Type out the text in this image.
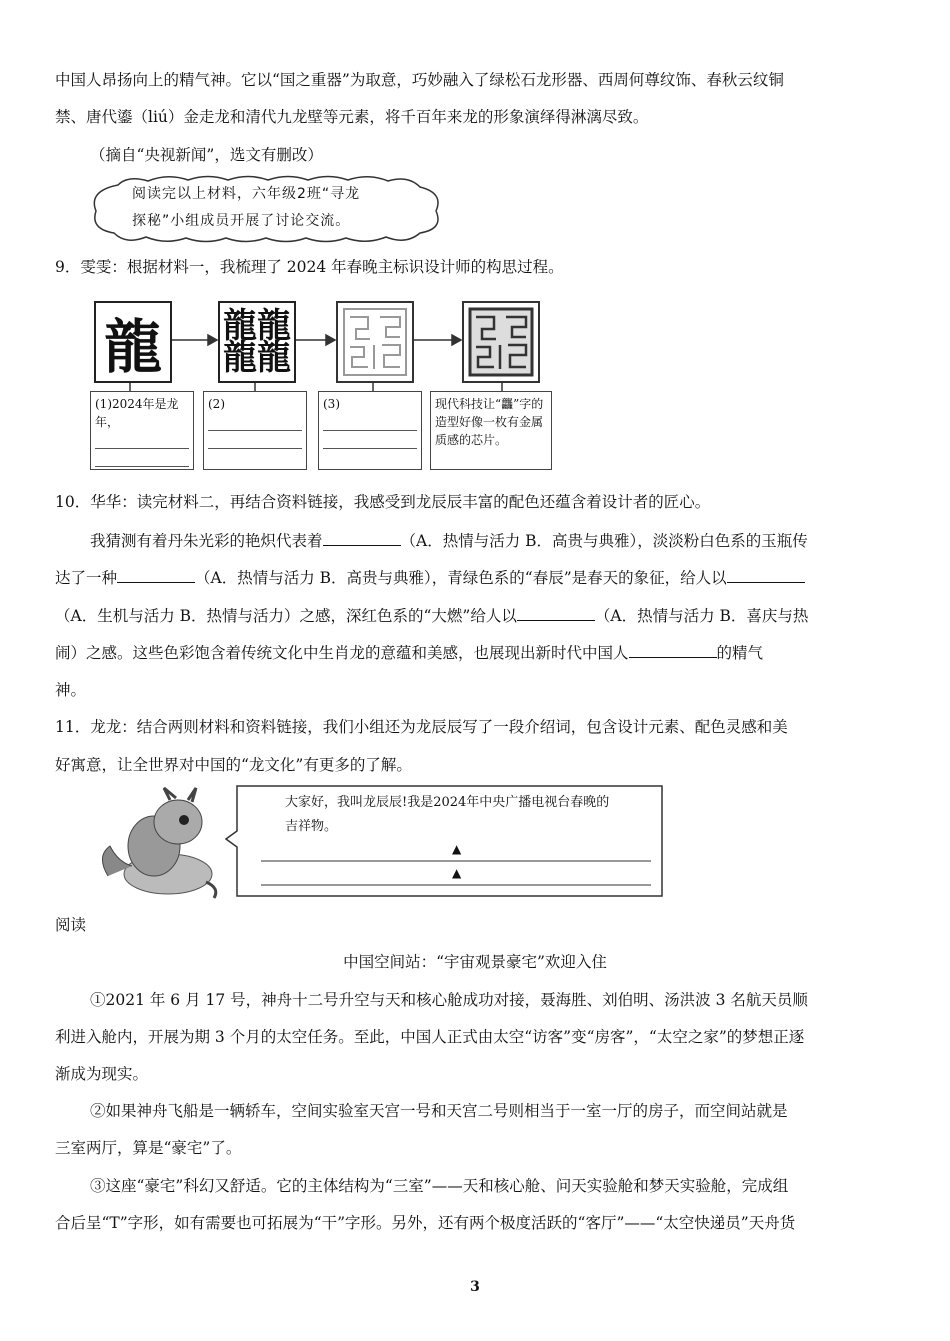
中国人昂扬向上的精气神。它以“国之重器”为取意，巧妙融入了绿松石龙形器、西周何尊纹饰、春秋云纹铜
禁、唐代鎏（liú）金走龙和清代九龙壁等元素，将千百年来龙的形象演绎得淋漓尽致。
（摘自“央视新闻”，选文有删改）
阅读完以上材料，六年级2班“寻龙
探秘”小组成员开展了讨论交流。
9．雯雯：根据材料一，我梳理了 2024 年春晚主标识设计师的构思过程。
龍 龍龍
龍龍
(1)2024年是龙年，
(2)	(3)	现代科技让“龘”字的造型好像一枚有金属质感的芯片。
10．华华：读完材料二，再结合资料链接，我感受到龙辰辰丰富的配色还蕴含着设计者的匠心。
我猜测有着丹朱光彩的艳炽代表着	（A．热情与活力 B．高贵与典雅），淡淡粉白色系的玉瓶传
达了一种	（A．热情与活力 B．高贵与典雅），青绿色系的“春辰”是春天的象征，给人以
（A．生机与活力 B．热情与活力）之感，深红色系的“大燃”给人以	（A．热情与活力 B．喜庆与热
闹）之感。这些色彩饱含着传统文化中生肖龙的意蕴和美感，也展现出新时代中国人	的精气
神。
11．龙龙：结合两则材料和资料链接，我们小组还为龙辰辰写了一段介绍词，包含设计元素、配色灵感和美
好寓意，让全世界对中国的“龙文化”有更多的了解。
大家好，我叫龙辰辰!我是2024年中央广播电视台春晚的
吉祥物。
▲
▲
阅读
中国空间站：“宇宙观景豪宅”欢迎入住
①2021 年 6 月 17 号，神舟十二号升空与天和核心舱成功对接，聂海胜、刘伯明、汤洪波 3 名航天员顺
利进入舱内，开展为期 3 个月的太空任务。至此，中国人正式由太空“访客”变“房客”，“太空之家”的梦想正逐
渐成为现实。
②如果神舟飞船是一辆轿车，空间实验室天宫一号和天宫二号则相当于一室一厅的房子，而空间站就是
三室两厅，算是“豪宅”了。
③这座“豪宅”科幻又舒适。它的主体结构为“三室”——天和核心舱、问天实验舱和梦天实验舱，完成组
合后呈“T”字形，如有需要也可拓展为“干”字形。另外，还有两个极度活跃的“客厅”——“太空快递员”天舟货
3
